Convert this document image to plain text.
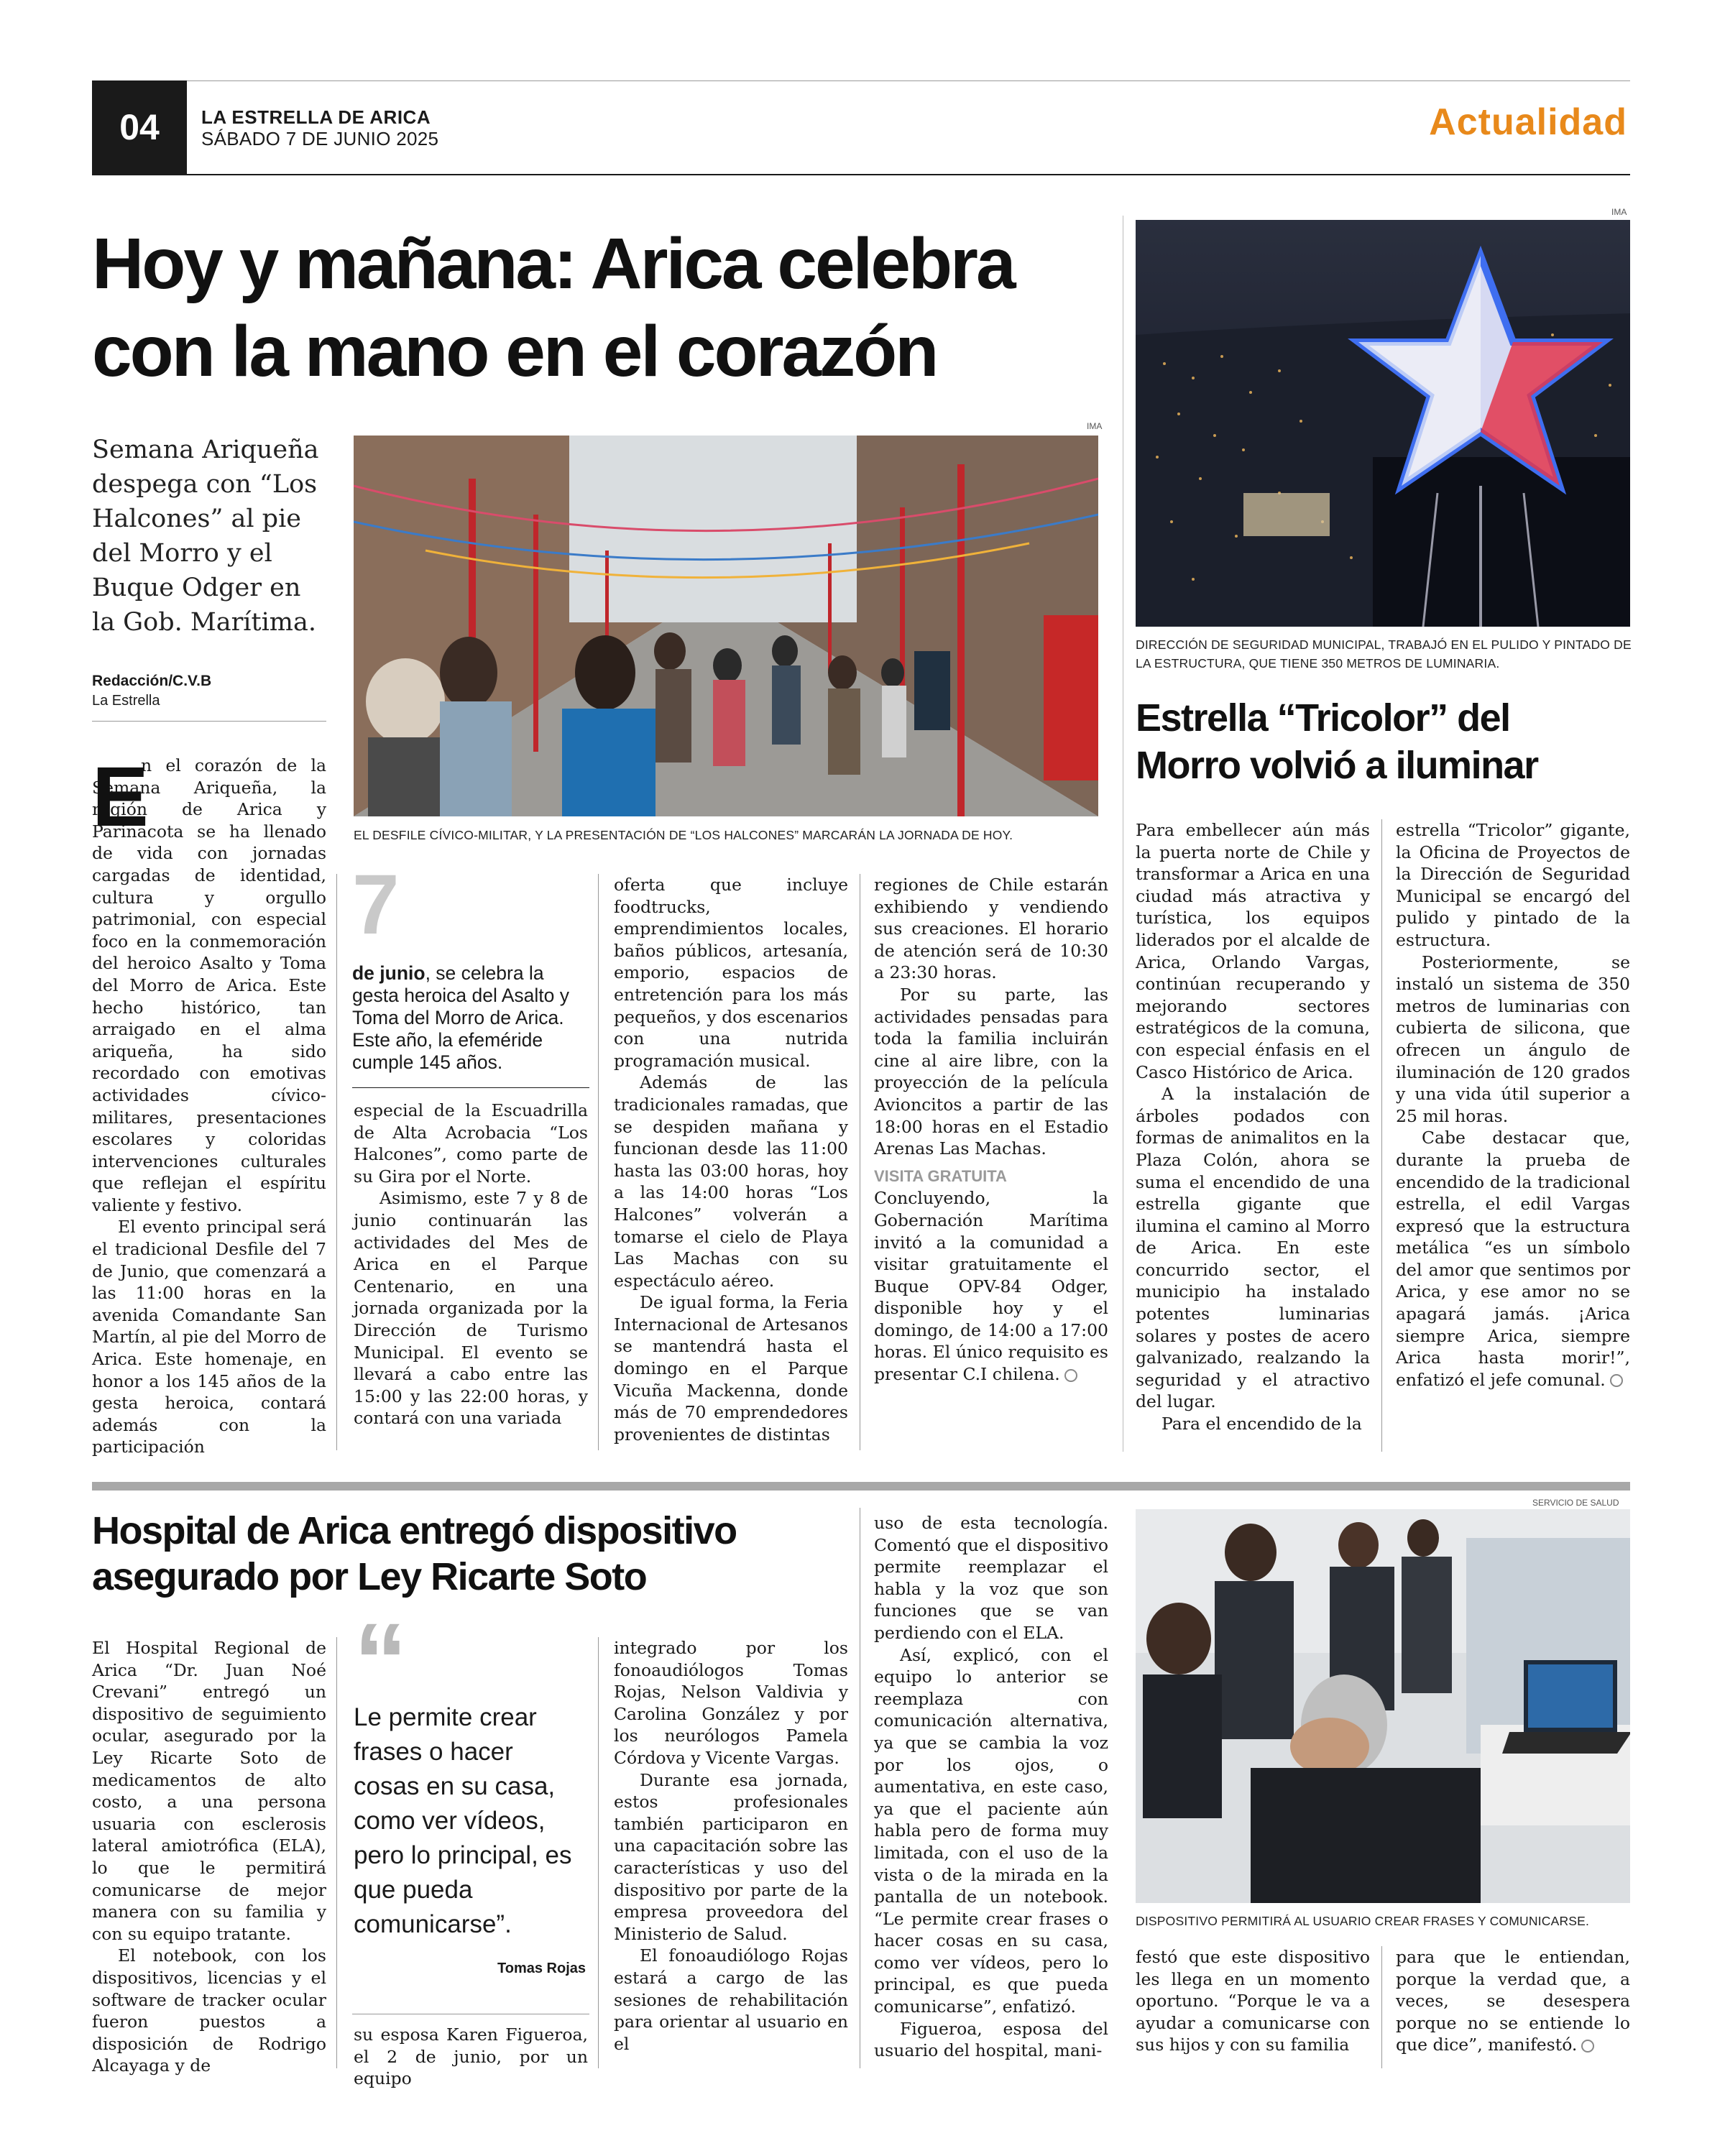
04 LA ESTRELLA DE ARICA
SÁBADO 7 DE JUNIO 2025	Actualidad
Hoy y mañana: Arica celebra
con la mano en el corazón
Semana Ariqueña despega con “Los Halcones” al pie del Morro y el Buque Odger en la Gob. Marítima.
Redacción/C.V.B
La Estrella
IMA
EL DESFILE CÍVICO-MILITAR, Y LA PRESENTACIÓN DE “LOS HALCONES” MARCARÁN LA JORNADA DE HOY.
E

n el corazón de la Semana Ariqueña, la región de Arica y Parinacota se ha llenado de vida con jornadas cargadas de identidad, cultura y orgullo patrimonial, con especial foco en la conmemoración del heroico Asalto y Toma del Morro de Arica. Este hecho histórico, tan arraigado en el alma ariqueña, ha sido recordado con emotivas actividades cívico-militares, presentaciones escolares y coloridas intervenciones culturales que reflejan el espíritu valiente y festivo.

El evento principal será el tradicional Desfile del 7 de Junio, que comenzará a las 11:00 horas en la avenida Comandante San Martín, al pie del Morro de Arica. Este homenaje, en honor a los 145 años de la gesta heroica, contará además con la participación

7
de junio, se celebra la gesta heroica del Asalto y Toma del Morro de Arica. Este año, la efeméride cumple 145 años.

especial de la Escuadrilla de Alta Acrobacia “Los Halcones”, como parte de su Gira por el Norte.

Asimismo, este 7 y 8 de junio continuarán las actividades del Mes de Arica en el Parque Centenario, en una jornada organizada por la Dirección de Turismo Municipal. El evento se llevará a cabo entre las 15:00 y las 22:00 horas, y contará con una variada

oferta que incluye foodtrucks, emprendimientos locales, baños públicos, artesanía, emporio, espacios de entretención para los más pequeños, y dos escenarios con una nutrida programación musical.

Además de las tradicionales ramadas, que se despiden mañana y funcionan desde las 11:00 hasta las 03:00 horas, hoy a las 14:00 horas “Los Halcones” volverán a tomarse el cielo de Playa Las Machas con su espectáculo aéreo.

De igual forma, la Feria Internacional de Artesanos se mantendrá hasta el domingo en el Parque Vicuña Mackenna, donde más de 70 emprendedores provenientes de distintas

regiones de Chile estarán exhibiendo y vendiendo sus creaciones. El horario de atención será de 10:30 a 23:30 horas.

Por su parte, las actividades pensadas para toda la familia incluirán cine al aire libre, con la proyección de la película Avioncitos a partir de las 18:00 horas en el Estadio Arenas Las Machas.

VISITA GRATUITA

Concluyendo, la Gobernación Marítima invitó a la comunidad a visitar gratuitamente el Buque OPV-84 Odger, disponible hoy y el domingo, de 14:00 a 17:00 horas. El único requisito es presentar C.I chilena.

IMA
DIRECCIÓN DE SEGURIDAD MUNICIPAL, TRABAJÓ EN EL PULIDO Y PINTADO DE LA ESTRUCTURA, QUE TIENE 350 METROS DE LUMINARIA.
Estrella “Tricolor” del
Morro volvió a iluminar

Para embellecer aún más la puerta norte de Chile y transformar a Arica en una ciudad más atractiva y turística, los equipos liderados por el alcalde de Arica, Orlando Vargas, continúan recuperando y mejorando sectores estratégicos de la comuna, con especial énfasis en el Casco Histórico de Arica.

A la instalación de árboles podados con formas de animalitos en la Plaza Colón, ahora se suma el encendido de una estrella gigante que ilumina el camino al Morro de Arica. En este concurrido sector, el municipio ha instalado potentes luminarias solares y postes de acero galvanizado, realzando la seguridad y el atractivo del lugar.

Para el encendido de la

estrella “Tricolor” gigante, la Oficina de Proyectos de la Dirección de Seguridad Municipal se encargó del pulido y pintado de la estructura.

Posteriormente, se instaló un sistema de 350 metros de luminarias con cubierta de silicona, que ofrecen un ángulo de iluminación de 120 grados y una vida útil superior a 25 mil horas.

Cabe destacar que, durante la prueba de encendido de la tradicional estrella, el edil Vargas expresó que la estructura metálica “es un símbolo del amor que sentimos por Arica, y ese amor no se apagará jamás. ¡Arica siempre Arica, siempre Arica hasta morir!”, enfatizó el jefe comunal.

Hospital de Arica entregó dispositivo
asegurado por Ley Ricarte Soto

El Hospital Regional de Arica “Dr. Juan Noé Crevani” entregó un dispositivo de seguimiento ocular, asegurado por la Ley Ricarte Soto de medicamentos de alto costo, a una persona usuaria con esclerosis lateral amiotrófica (ELA), lo que le permitirá comunicarse de mejor manera con su familia y con su equipo tratante.

El notebook, con los dispositivos, licencias y el software de tracker ocular fueron puestos a disposición de Rodrigo Alcayaga y de

“
Le permite crear frases o hacer cosas en su casa, como ver vídeos, pero lo principal, es que pueda comunicarse”.
Tomas Rojas

su esposa Karen Figueroa, el 2 de junio, por un equipo

integrado por los fonoaudiólogos Tomas Rojas, Nelson Valdivia y Carolina González y por los neurólogos Pamela Córdova y Vicente Vargas.

Durante esa jornada, estos profesionales también participaron en una capacitación sobre las características y uso del dispositivo por parte de la empresa proveedora del Ministerio de Salud.

El fonoaudiólogo Rojas estará a cargo de las sesiones de rehabilitación para orientar al usuario en el

uso de esta tecnología. Comentó que el dispositivo permite reemplazar el habla y la voz que son funciones que se van perdiendo con el ELA.

Así, explicó, con el equipo lo anterior se reemplaza con comunicación alternativa, ya que se cambia la voz por los ojos, o aumentativa, en este caso, ya que el paciente aún habla pero de forma muy limitada, con el uso de la vista o de la mirada en la pantalla de un notebook. “Le permite crear frases o hacer cosas en su casa, como ver vídeos, pero lo principal, es que pueda comunicarse”, enfatizó.

Figueroa, esposa del usuario del hospital, mani-

SERVICIO DE SALUD
DISPOSITIVO PERMITIRÁ AL USUARIO CREAR FRASES Y COMUNICARSE.

festó que este dispositivo les llega en un momento oportuno. “Porque le va a ayudar a comunicarse con sus hijos y con su familia

para que le entiendan, porque la verdad que, a veces, se desespera porque no se entiende lo que dice”, manifestó.
